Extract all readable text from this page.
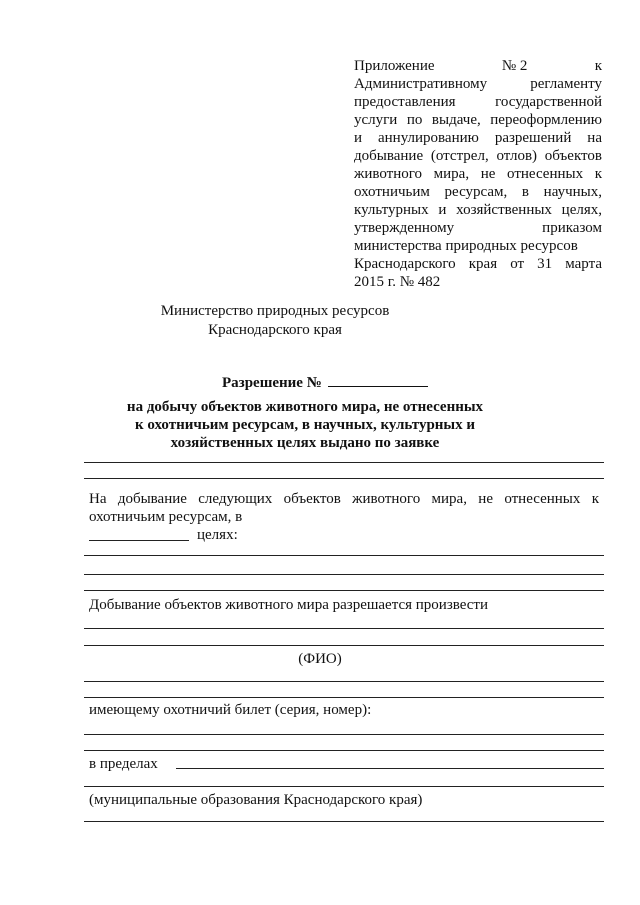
Приложение	№ 2	к
Административному регламенту
предоставления государственной
услуги по выдаче, переоформлению
и аннулированию разрешений на
добывание (отстрел, отлов) объектов
животного мира, не отнесенных к
охотничьим ресурсам, в научных,
культурных и хозяйственных целях,
утвержденному приказом
министерства природных ресурсов
Краснодарского края от 31 марта
2015 г. № 482
Министерство природных ресурсов
Краснодарского края
Разрешение №
на добычу объектов животного мира, не отнесенных
к охотничьим ресурсам, в научных, культурных и
хозяйственных целях выдано по заявке
На добывание следующих объектов животного мира, не отнесенных к
охотничьим ресурсам, в
целях:
Добывание объектов животного мира разрешается произвести
(ФИО)
имеющему охотничий билет (серия, номер):
в пределах
(муниципальные образования Краснодарского края)
